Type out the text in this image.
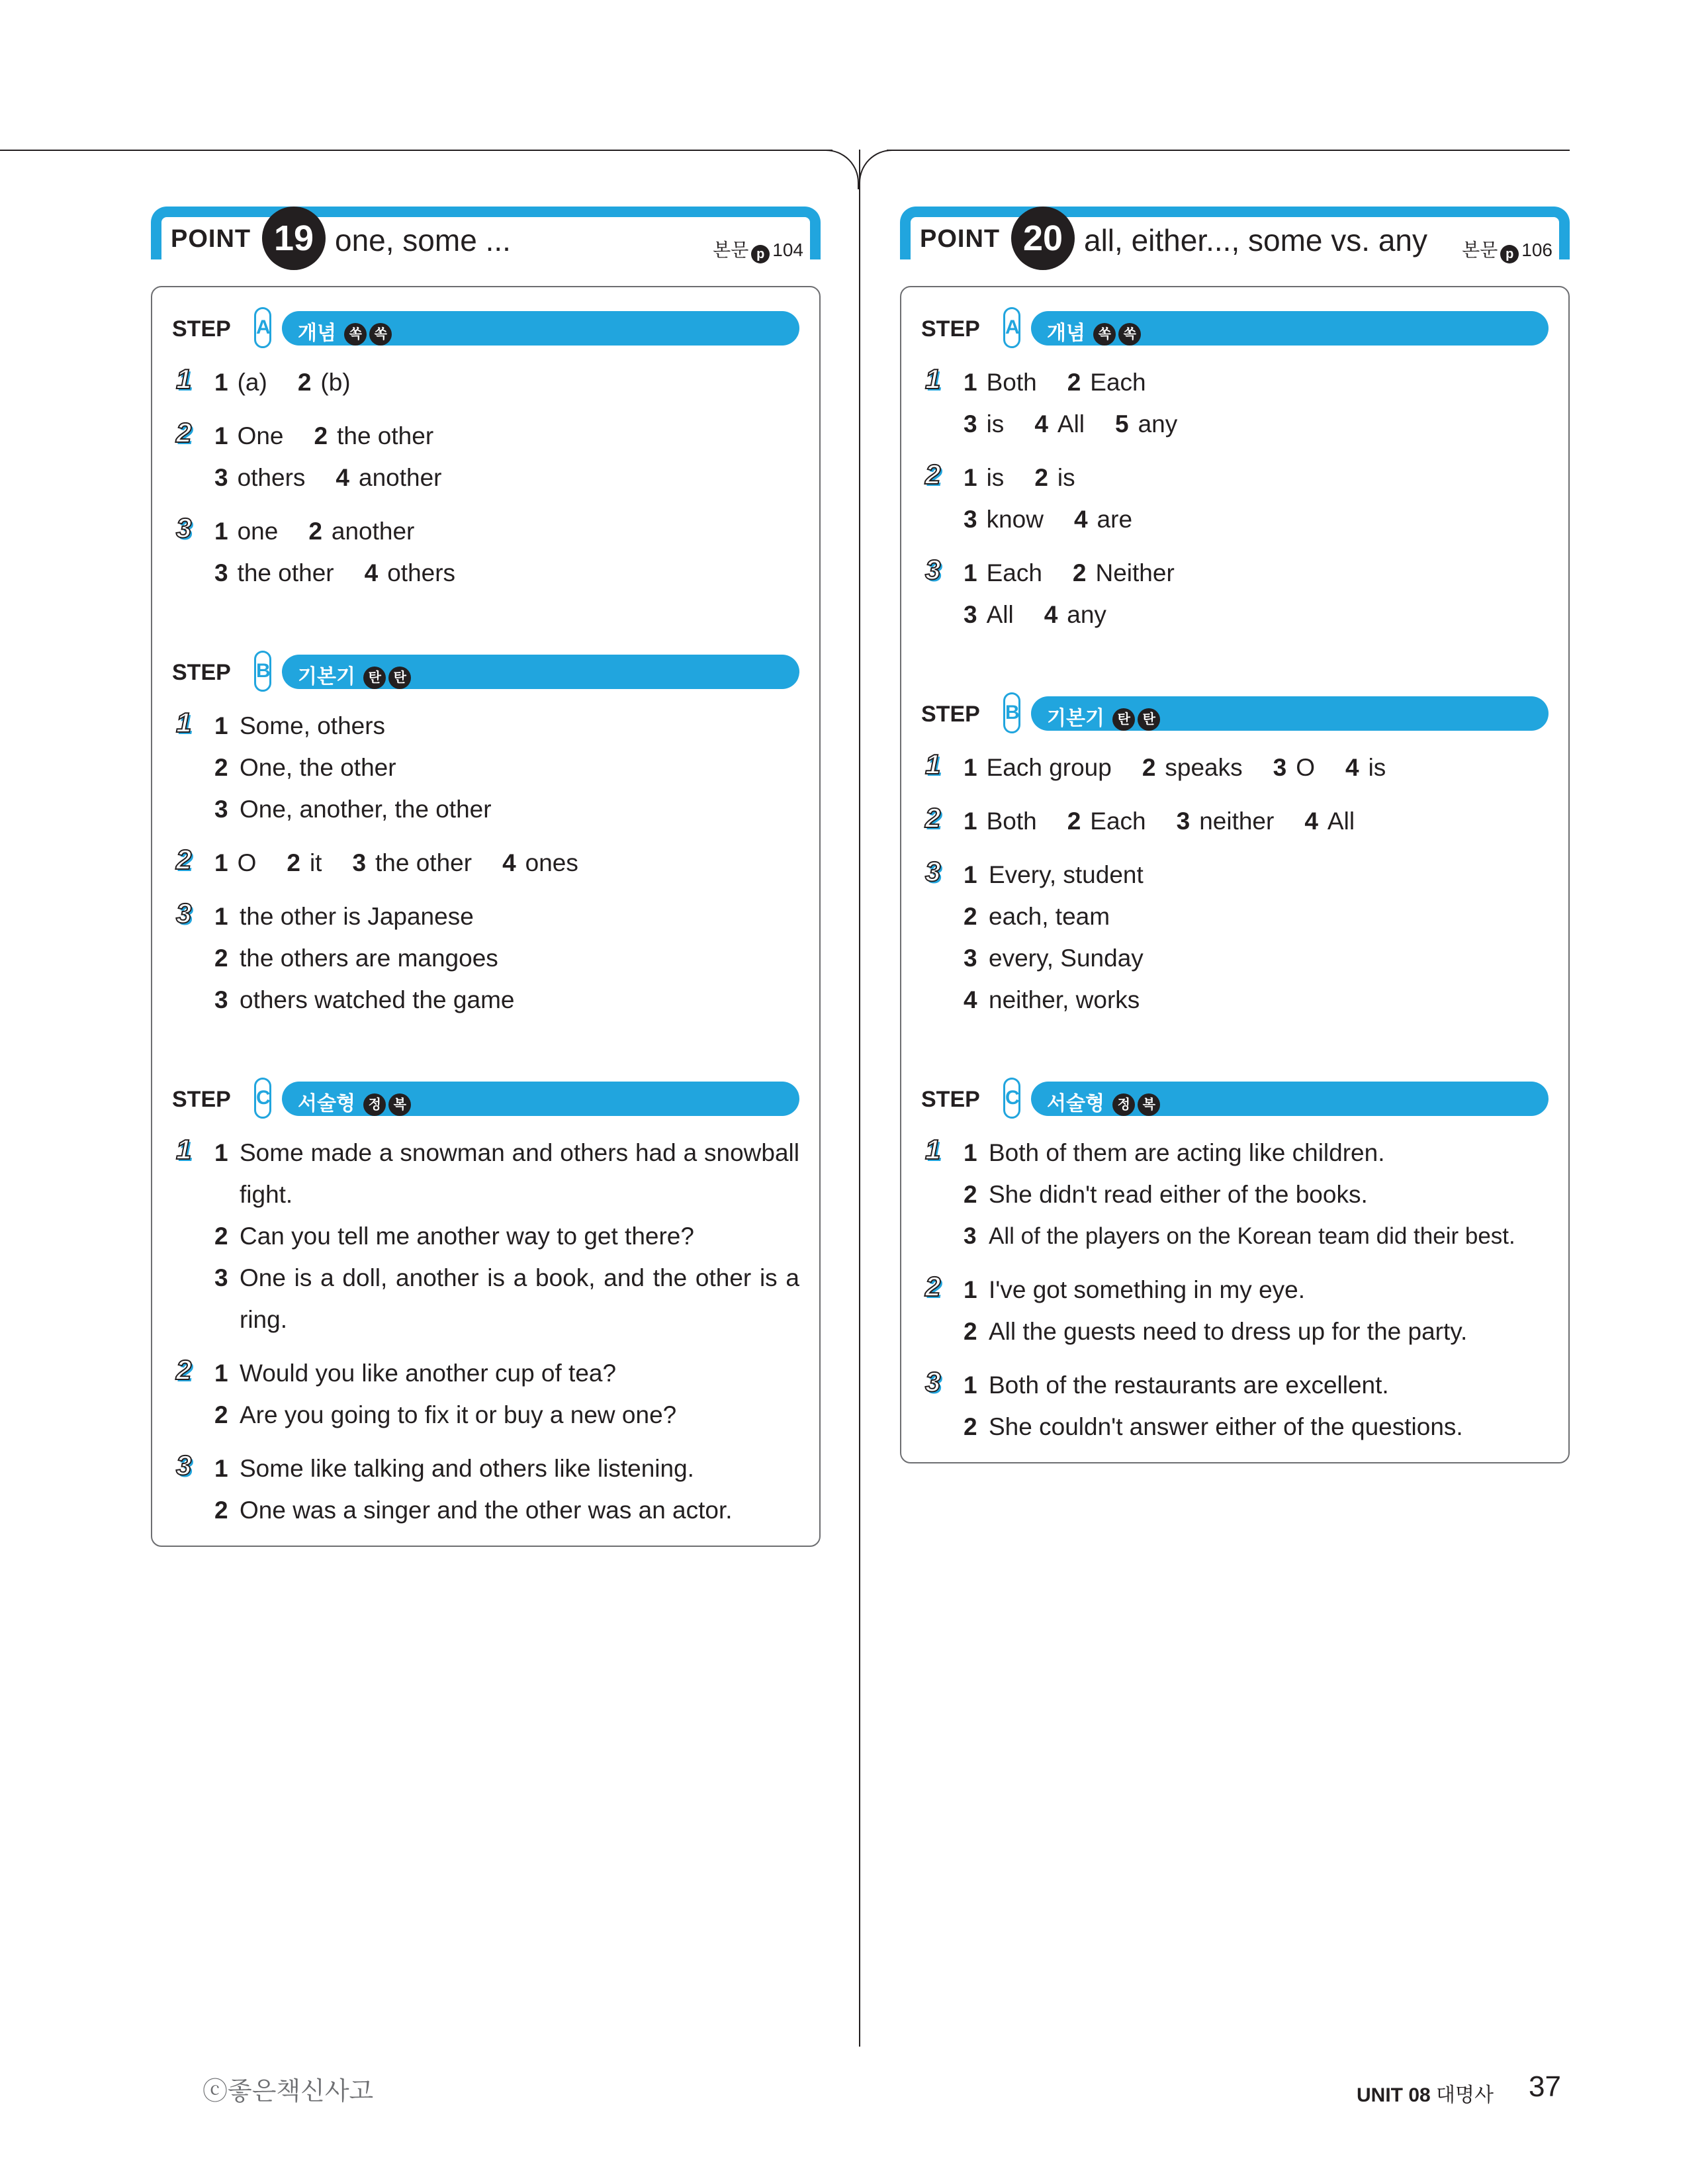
POINT 19 one, some ...	본문 p 104
STEP A 개념 쏙 쏙
1 1 (a) 2 (b)
2 1 One 2 the other
3 others 4 another
3 1 one 2 another
3 the other 4 others
STEP B 기본기 탄 탄
1 1 Some, others
2 One, the other
3 One, another, the other
2 1 O 2 it 3 the other 4 ones
3 1 the other is Japanese
2 the others are mangoes
3 others watched the game
STEP C 서술형 정 복
1 1 Some made a snowman and others had a snowball fight.
2 Can you tell me another way to get there?
3 One is a doll, another is a book, and the other is a ring.
2 1 Would you like another cup of tea?
2 Are you going to fix it or buy a new one?
3 1 Some like talking and others like listening.
2 One was a singer and the other was an actor.
POINT 20 all, either..., some vs. any 본문 p 106
STEP A 개념 쏙 쏙
1 1 Both 2 Each
3 is 4 All 5 any
2 1 is 2 is
3 know 4 are
3 1 Each 2 Neither
3 All 4 any
STEP B 기본기 탄 탄
1 1 Each group 2 speaks 3 O 4 is
2 1 Both 2 Each 3 neither 4 All
3 1 Every, student
2 each, team
3 every, Sunday
4 neither, works
STEP C 서술형 정 복
1 1 Both of them are acting like children.
2 She didn't read either of the books.
3 All of the players on the Korean team did their best.
2 1 I've got something in my eye.
2 All the guests need to dress up for the party.
3 1 Both of the restaurants are excellent.
2 She couldn't answer either of the questions.
ⓒ좋은책신사고	UNIT 08 대명사 37
